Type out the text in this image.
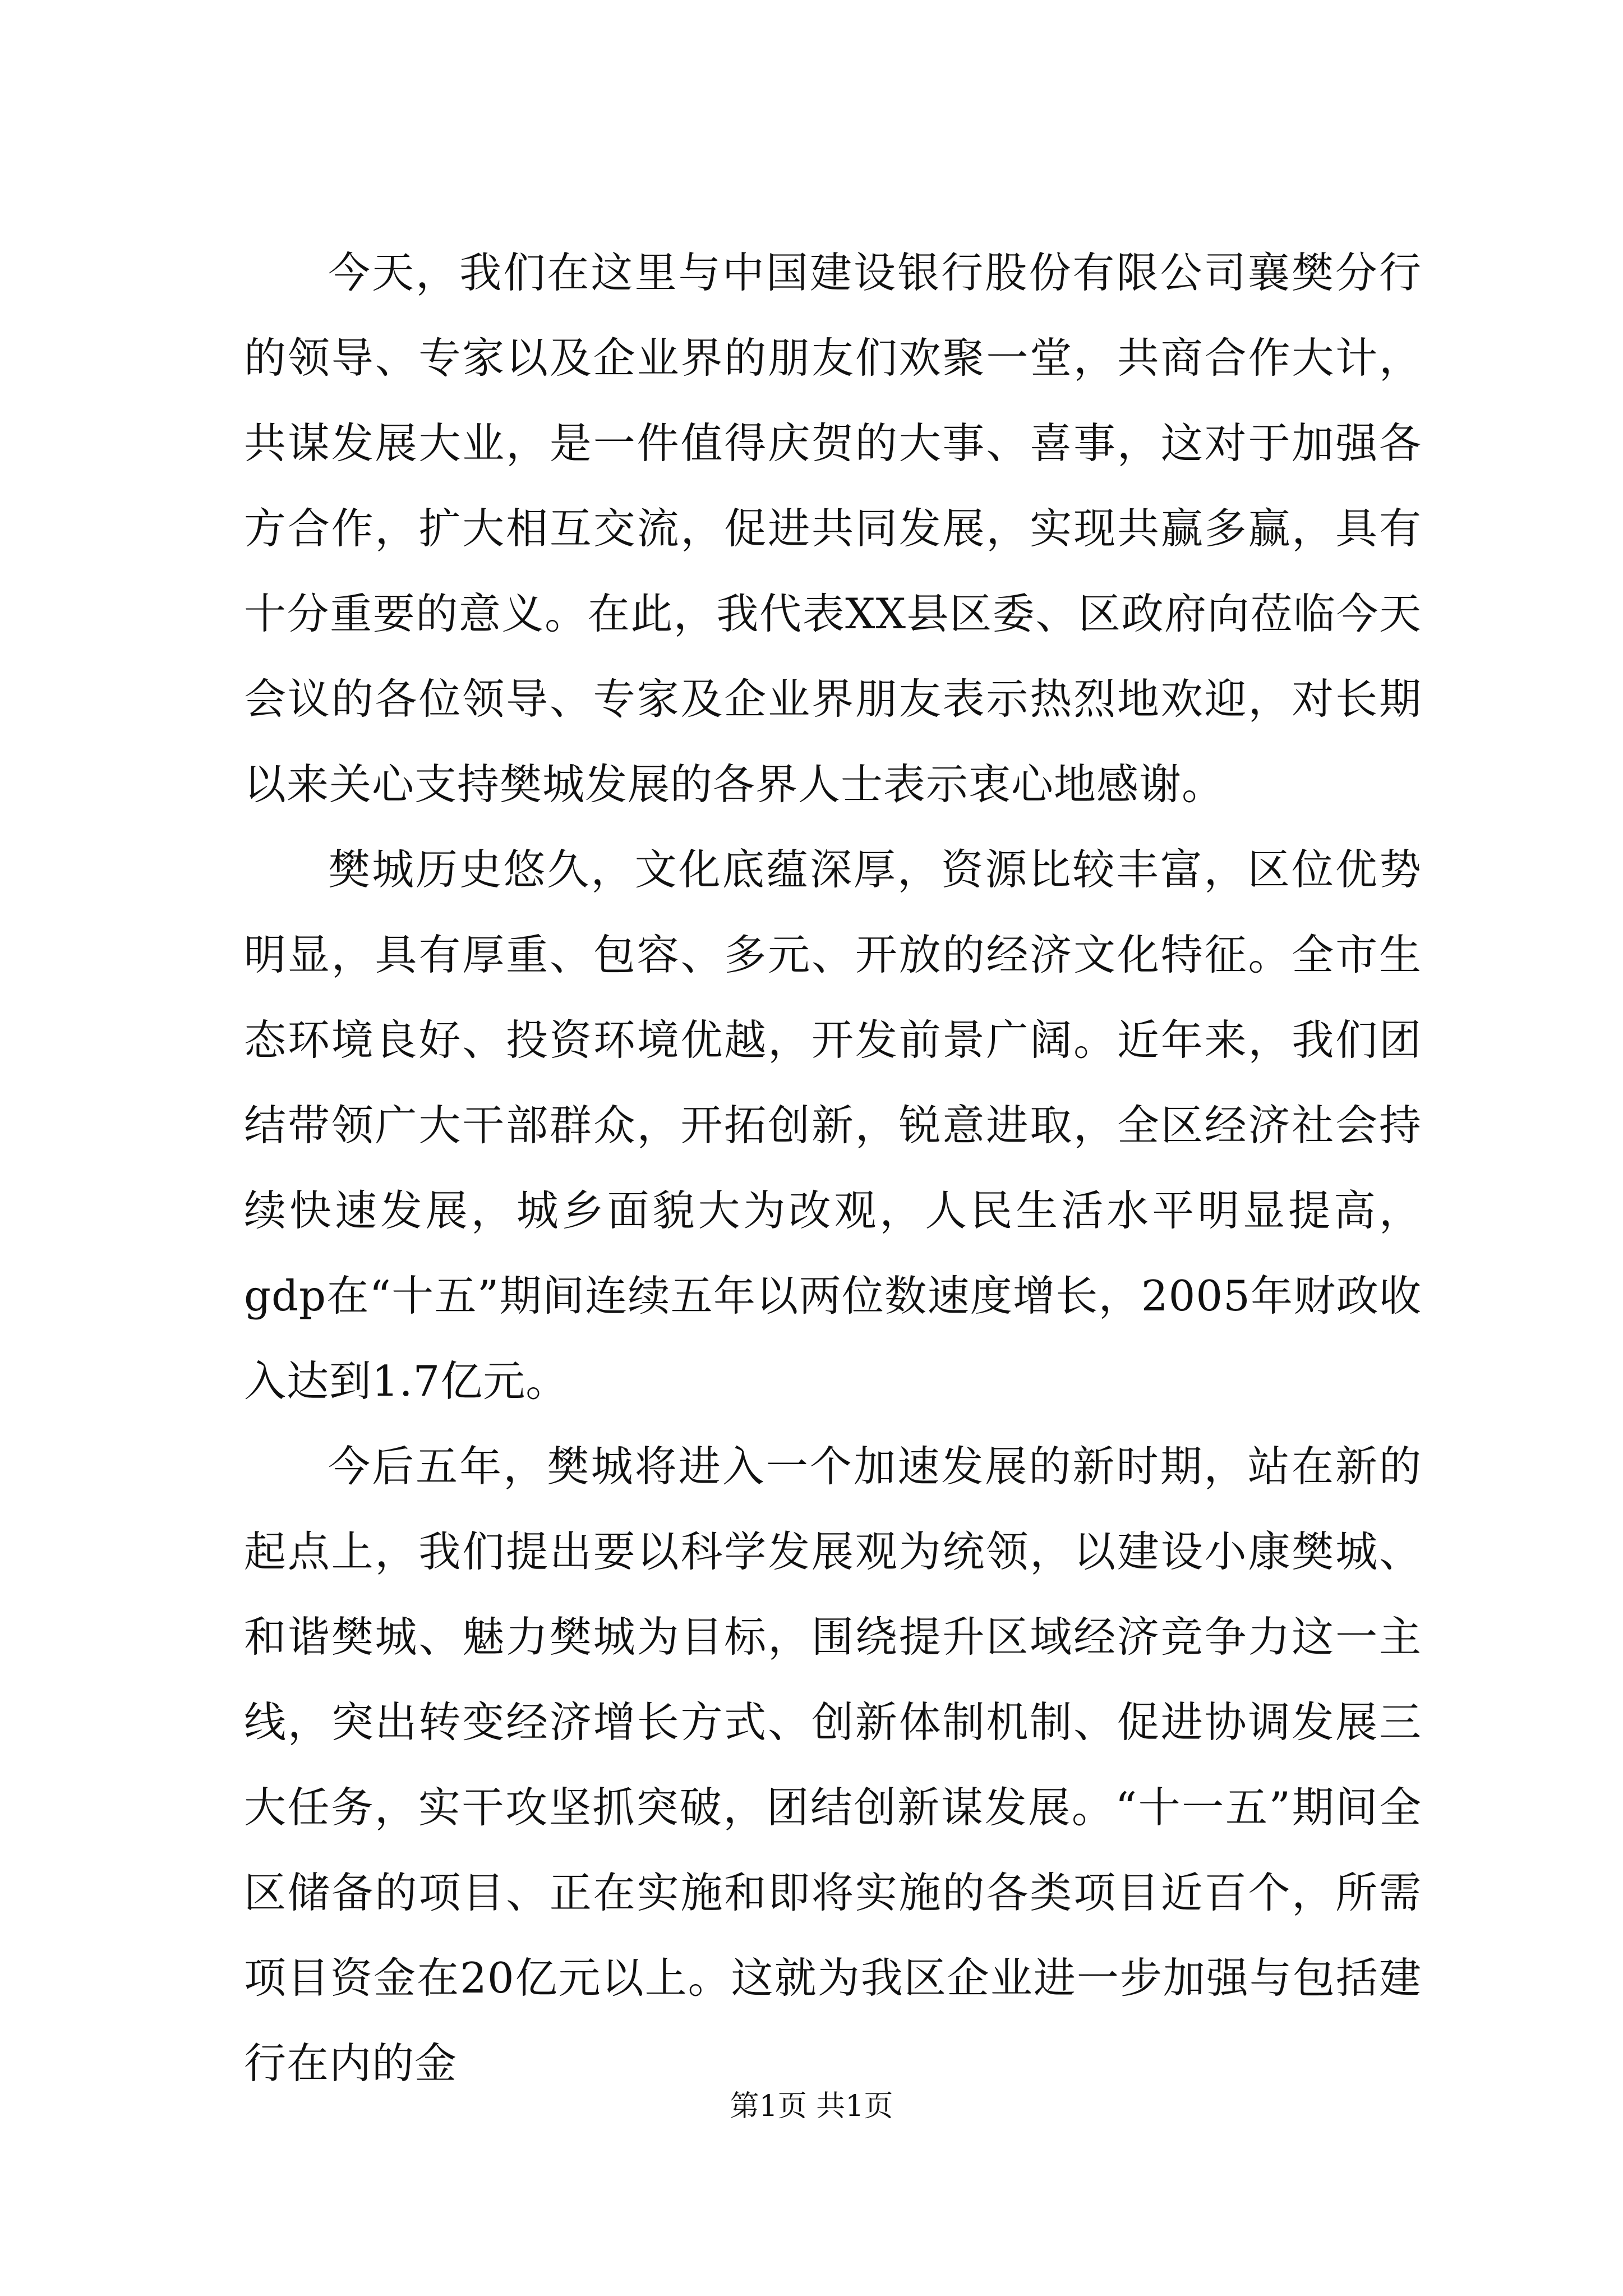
今天，我们在这里与中国建设银行股份有限公司襄樊分行的领导、专家以及企业界的朋友们欢聚一堂，共商合作大计，共谋发展大业，是一件值得庆贺的大事、喜事，这对于加强各方合作，扩大相互交流，促进共同发展，实现共赢多赢，具有十分重要的意义。在此，我代表XX县区委、区政府向莅临今天会议的各位领导、专家及企业界朋友表示热烈地欢迎，对长期以来关心支持樊城发展的各界人士表示衷心地感谢。

樊城历史悠久，文化底蕴深厚，资源比较丰富，区位优势明显，具有厚重、包容、多元、开放的经济文化特征。全市生态环境良好、投资环境优越，开发前景广阔。近年来，我们团结带领广大干部群众，开拓创新，锐意进取，全区经济社会持续快速发展，城乡面貌大为改观，人民生活水平明显提高，gdp在“十五”期间连续五年以两位数速度增长，2005年财政收入达到1.7亿元。

今后五年，樊城将进入一个加速发展的新时期，站在新的起点上，我们提出要以科学发展观为统领，以建设小康樊城、和谐樊城、魅力樊城为目标，围绕提升区域经济竞争力这一主线，突出转变经济增长方式、创新体制机制、促进协调发展三大任务，实干攻坚抓突破，团结创新谋发展。“十一五”期间全区储备的项目、正在实施和即将实施的各类项目近百个，所需项目资金在20亿元以上。这就为我区企业进一步加强与包括建行在内的金

第1页 共1页
